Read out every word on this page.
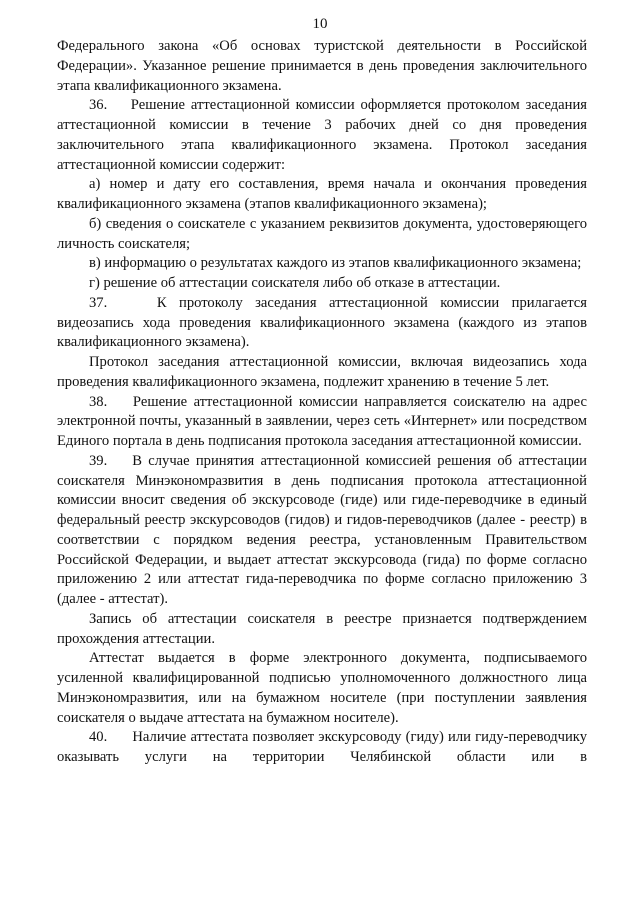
10

Федерального закона «Об основах туристской деятельности в Российской Федерации». Указанное решение принимается в день проведения заключительного этапа квалификационного экзамена.

36.    Решение аттестационной комиссии оформляется протоколом заседания аттестационной комиссии в течение 3 рабочих дней со дня проведения заключительного этапа квалификационного экзамена. Протокол заседания аттестационной комиссии содержит:

а) номер и дату его составления, время начала и окончания проведения квалификационного экзамена (этапов квалификационного экзамена);

б) сведения о соискателе с указанием реквизитов документа, удостоверяющего личность соискателя;

в) информацию о результатах каждого из этапов квалификационного экзамена;

г) решение об аттестации соискателя либо об отказе в аттестации.

37.    К протоколу заседания аттестационной комиссии прилагается видеозапись хода проведения квалификационного экзамена (каждого из этапов квалификационного экзамена).

Протокол заседания аттестационной комиссии, включая видеозапись хода проведения квалификационного экзамена, подлежит хранению в течение 5 лет.

38.    Решение аттестационной комиссии направляется соискателю на адрес электронной почты, указанный в заявлении, через сеть «Интернет» или посредством Единого портала в день подписания протокола заседания аттестационной комиссии.

39.    В случае принятия аттестационной комиссией решения об аттестации соискателя Минэкономразвития в день подписания протокола аттестационной комиссии вносит сведения об экскурсоводе (гиде) или гиде-переводчике в единый федеральный реестр экскурсоводов (гидов) и гидов-переводчиков (далее - реестр) в соответствии с порядком ведения реестра, установленным Правительством Российской Федерации, и выдает аттестат экскурсовода (гида) по форме согласно приложению 2 или аттестат гида-переводчика по форме согласно приложению 3 (далее - аттестат).

Запись об аттестации соискателя в реестре признается подтверждением прохождения аттестации.

Аттестат выдается в форме электронного документа, подписываемого усиленной квалифицированной подписью уполномоченного должностного лица Минэкономразвития, или на бумажном носителе (при поступлении заявления соискателя о выдаче аттестата на бумажном носителе).

40.      Наличие аттестата позволяет экскурсоводу (гиду) или гиду-переводчику оказывать услуги на территории Челябинской области или в
